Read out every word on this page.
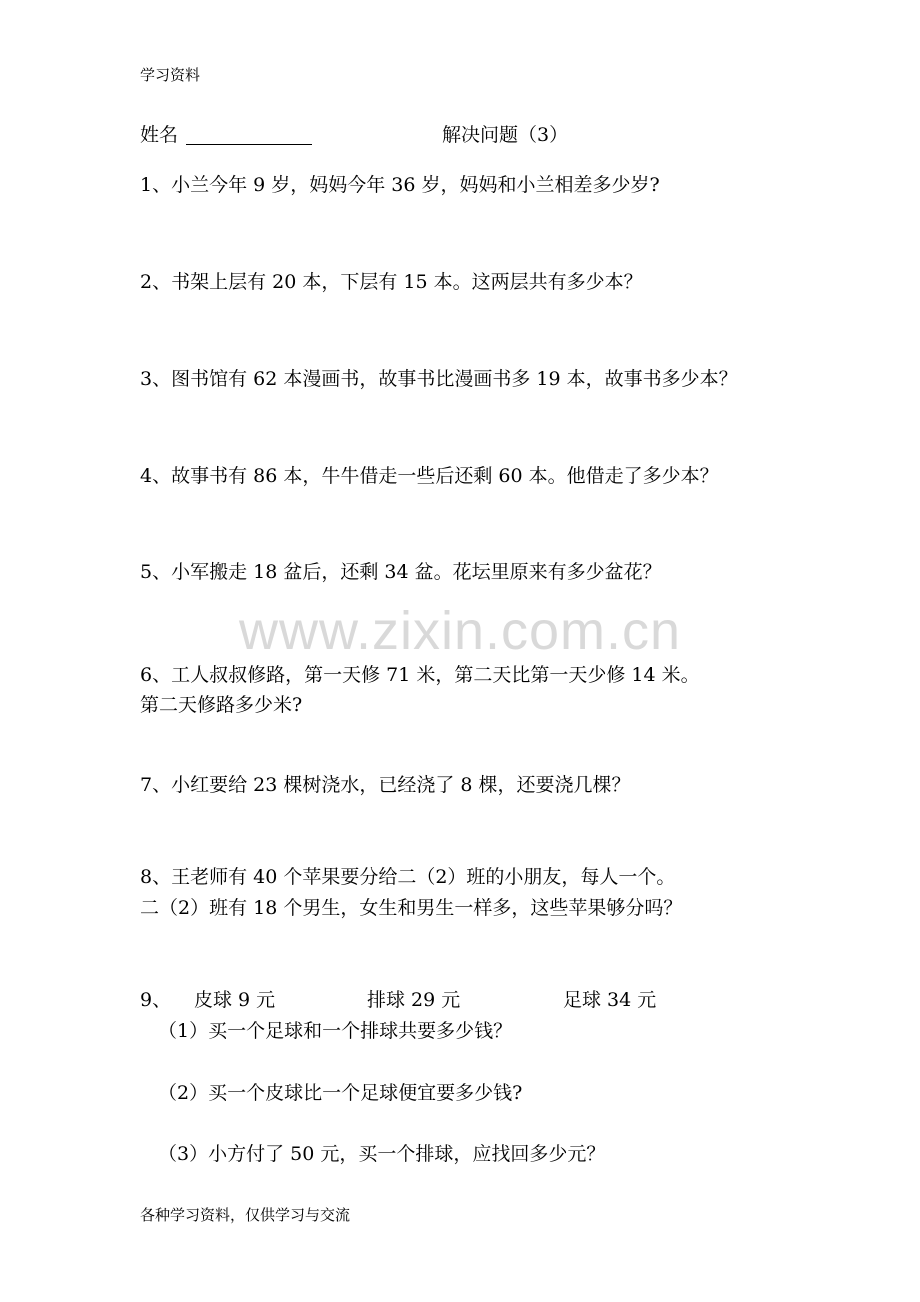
学习资料
姓名	解决问题（3）
1、小兰今年 9 岁，妈妈今年 36 岁，妈妈和小兰相差多少岁?
2、书架上层有 20 本，下层有 15 本。这两层共有多少本？
3、图书馆有 62 本漫画书，故事书比漫画书多 19 本，故事书多少本？
4、故事书有 86 本，牛牛借走一些后还剩 60 本。他借走了多少本？
5、小军搬走 18 盆后，还剩 34 盆。花坛里原来有多少盆花？
www.zixin.com.cn
6、工人叔叔修路，第一天修 71 米，第二天比第一天少修 14 米。
第二天修路多少米?
7、小红要给 23 棵树浇水，已经浇了 8 棵，还要浇几棵？
8、王老师有 40 个苹果要分给二（2）班的小朋友，每人一个。
二（2）班有 18 个男生，女生和男生一样多，这些苹果够分吗？
9、 皮球 9 元	排球 29 元	足球 34 元
（1）买一个足球和一个排球共要多少钱？
（2）买一个皮球比一个足球便宜要多少钱?
（3）小方付了 50 元，买一个排球，应找回多少元？
各种学习资料，仅供学习与交流
